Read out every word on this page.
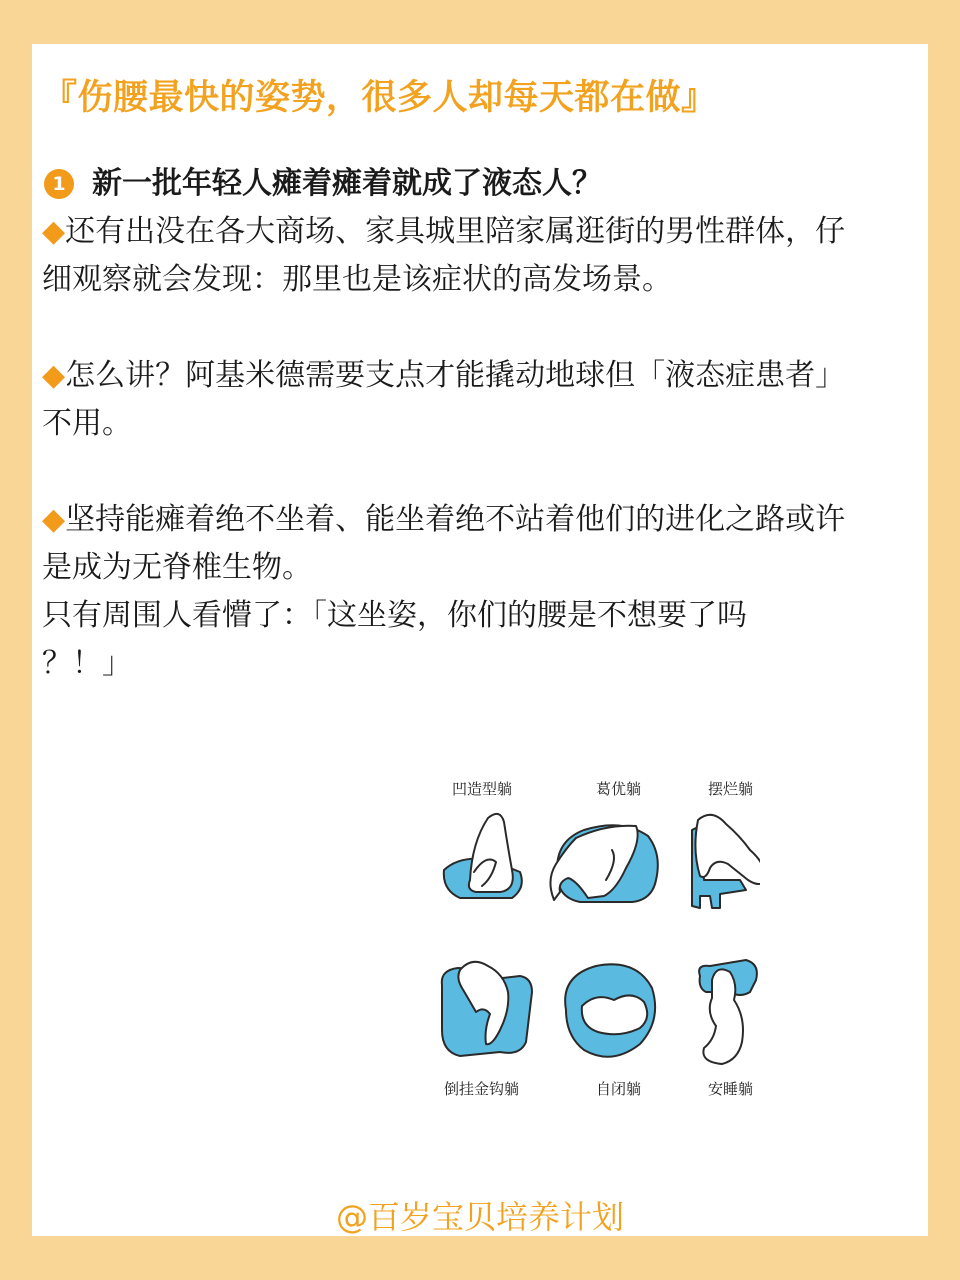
『伤腰最快的姿势，很多人却每天都在做』
1 新一批年轻人瘫着瘫着就成了液态人？

◆还有出没在各大商场、家具城里陪家属逛街的男性群体，仔细观察就会发现：那里也是该症状的高发场景。

◆怎么讲？阿基米德需要支点才能撬动地球但「液态症患者」不用。

◆坚持能瘫着绝不坐着、能坐着绝不站着他们的进化之路或许是成为无脊椎生物。

只有周围人看懵了：「这坐姿，你们的腰是不想要了吗

？！」

凹造型躺	葛优躺	摆烂躺
倒挂金钩躺	自闭躺	安睡躺
@百岁宝贝培养计划
